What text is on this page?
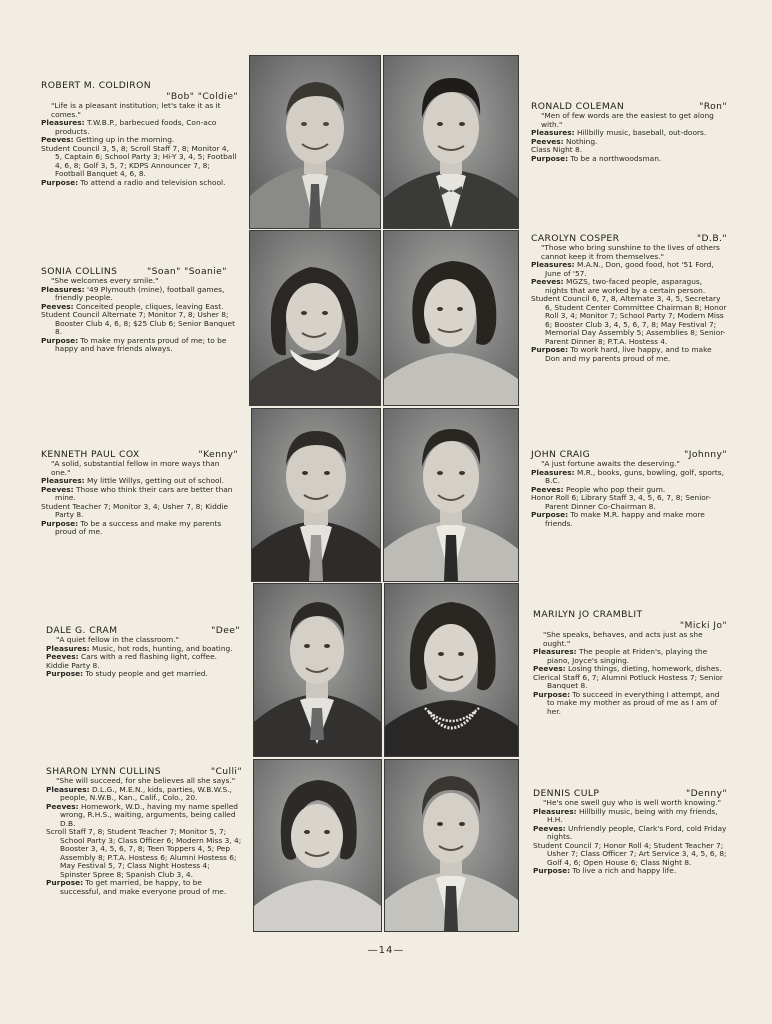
ROBERT M. COLDIRON
"Bob" "Coldie"
"Life is a pleasant institution; let's take it as it comes."
Pleasures: T.W.B.P., barbecued foods, Con-aco products.
Peeves: Getting up in the morning.
Student Council 3, 5, 8; Scroll Staff 7, 8; Monitor 4, 5, Captain 6; School Party 3; Hi-Y 3, 4, 5; Football 4, 6, 8; Golf 3, 5, 7; KDPS Announcer 7, 8; Football Banquet 4, 6, 8.
Purpose: To attend a radio and television school.
SONIA COLLINS	"Soan" "Soanie"
"She welcomes every smile."
Pleasures: '49 Plymouth (mine), football games, friendly people.
Peeves: Conceited people, cliques, leaving East.
Student Council Alternate 7; Monitor 7, 8; Usher 8; Booster Club 4, 6, 8; $25 Club 6; Senior Banquet 8.
Purpose: To make my parents proud of me; to be happy and have friends always.
KENNETH PAUL COX	"Kenny"
"A solid, substantial fellow in more ways than one."
Pleasures: My little Willys, getting out of school.
Peeves: Those who think their cars are better than mine.
Student Teacher 7; Monitor 3, 4; Usher 7, 8; Kiddie Party 8.
Purpose: To be a success and make my parents proud of me.
DALE G. CRAM	"Dee"
"A quiet fellow in the classroom."
Pleasures: Music, hot rods, hunting, and boating.
Peeves: Cars with a red flashing light, coffee.
Kiddie Party 8.
Purpose: To study people and get married.
SHARON LYNN CULLINS	"Culli"
"She will succeed, for she believes all she says."
Pleasures: D.L.G., M.E.N., kids, parties, W.B.W.S., people, N.W.B., Kan., Calif., Colo., 20.
Peeves: Homework, W.D., having my name spelled wrong, R.H.S., waiting, arguments, being called D.B.
Scroll Staff 7, 8; Student Teacher 7; Monitor 5, 7; School Party 3; Class Officer 6; Modern Miss 3, 4; Booster 3, 4, 5, 6, 7, 8; Teen Toppers 4, 5; Pep Assembly 8; P.T.A. Hostess 6; Alumni Hostess 6; May Festival 5, 7; Class Night Hostess 4; Spinster Spree 8; Spanish Club 3, 4.
Purpose: To get married, be happy, to be successful, and make everyone proud of me.
RONALD COLEMAN	"Ron"
"Men of few words are the easiest to get along with."
Pleasures: Hillbilly music, baseball, out-doors.
Peeves: Nothing.
Class Night 8.
Purpose: To be a northwoodsman.
CAROLYN COSPER	"D.B."
"Those who bring sunshine to the lives of others cannot keep it from themselves."
Pleasures: M.A.N., Don, good food, hot '51 Ford, June of '57.
Peeves: MGZS, two-faced people, asparagus, nights that are worked by a certain person.
Student Council 6, 7, 8, Alternate 3, 4, 5, Secretary 6, Student Center Committee Chairman 8; Honor Roll 3, 4; Monitor 7; School Party 7; Modern Miss 6; Booster Club 3, 4, 5, 6, 7, 8; May Festival 7; Memorial Day Assembly 5; Assemblies 8; Senior-Parent Dinner 8; P.T.A. Hostess 4.
Purpose: To work hard, live happy, and to make Don and my parents proud of me.
JOHN CRAIG	"Johnny"
"A just fortune awaits the deserving."
Pleasures: M.R., books, guns, bowling, golf, sports, B.C.
Peeves: People who pop their gum.
Honor Roll 6; Library Staff 3, 4, 5, 6, 7, 8; Senior-Parent Dinner Co-Chairman 8.
Purpose: To make M.R. happy and make more friends.
MARILYN JO CRAMBLIT
"Micki Jo"
"She speaks, behaves, and acts just as she ought."
Pleasures: The people at Friden's, playing the piano, Joyce's singing.
Peeves: Losing things, dieting, homework, dishes.
Clerical Staff 6, 7; Alumni Potluck Hostess 7; Senior Banquet 8.
Purpose: To succeed in everything I attempt, and to make my mother as proud of me as I am of her.
DENNIS CULP	"Denny"
"He's one swell guy who is well worth knowing."
Pleasures: Hillbilly music, being with my friends, H.H.
Peeves: Unfriendly people, Clark's Ford, cold Friday nights.
Student Council 7; Honor Roll 4; Student Teacher 7; Usher 7; Class Officer 7; Art Service 3, 4, 5, 6, 8; Golf 4, 6; Open House 6; Class Night 8.
Purpose: To live a rich and happy life.
—14—
